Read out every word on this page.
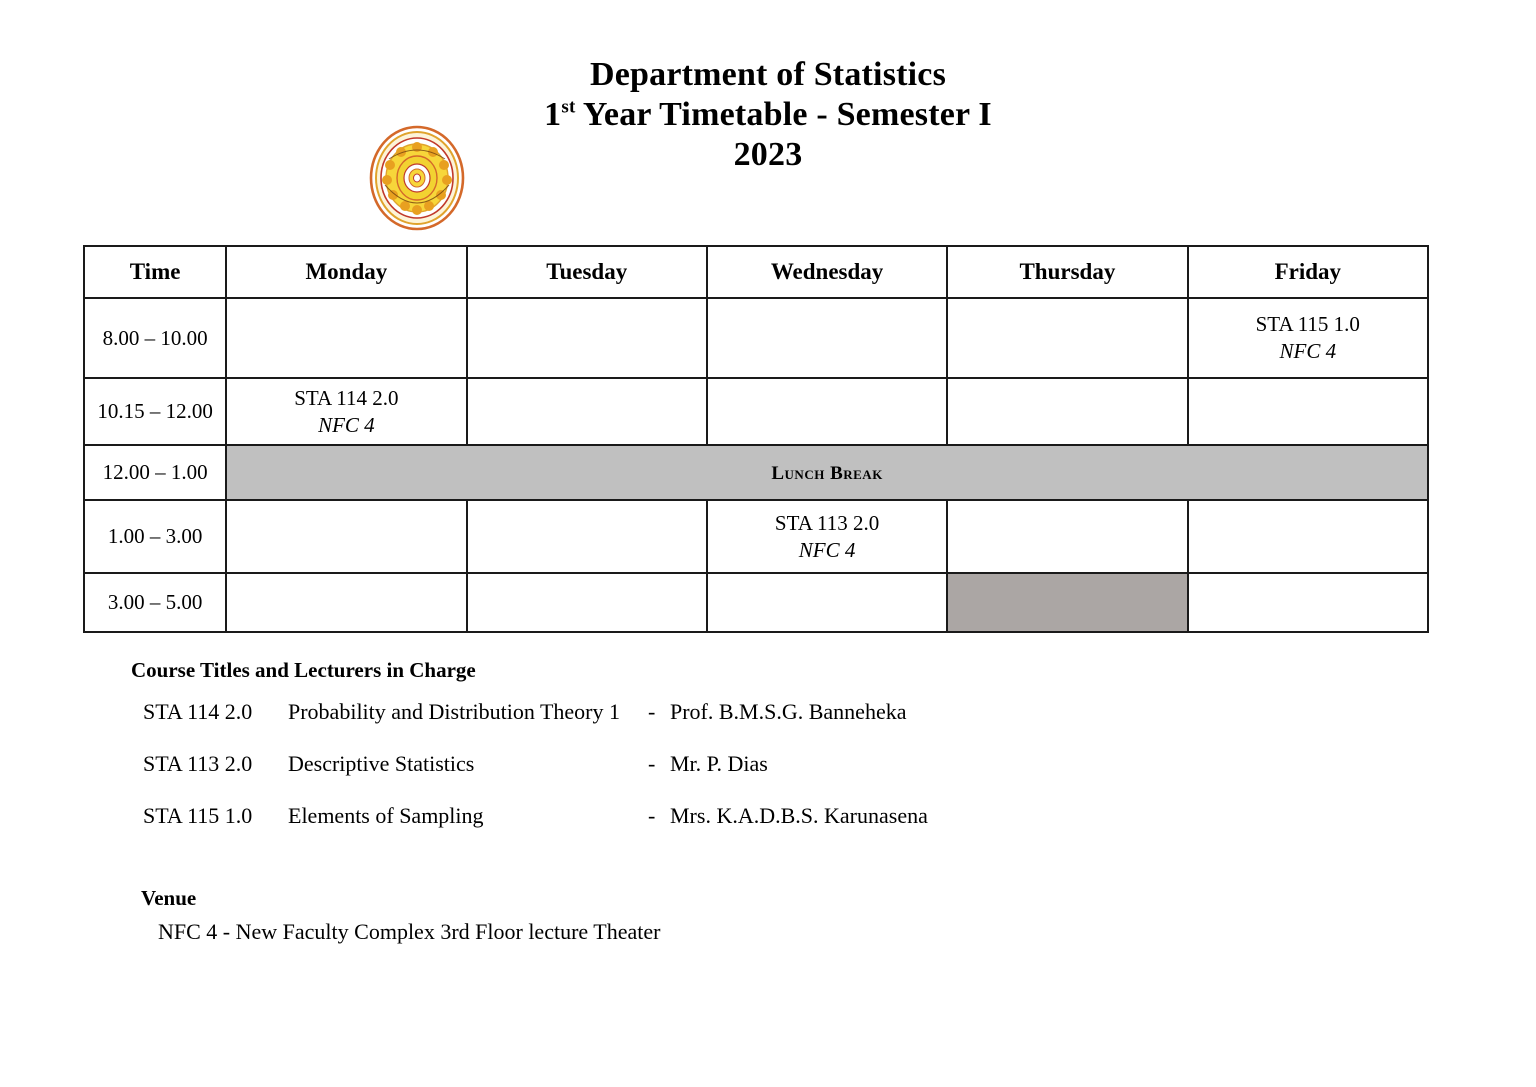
Department of Statistics
1st Year Timetable - Semester I
2023
Time	Monday	Tuesday	Wednesday	Thursday	Friday
8.00 – 10.00					STA 115 1.0
NFC 4

10.15 – 12.00	STA 114 2.0
NFC 4				

12.00 – 1.00	Lunch Break				
1.00 – 3.00			STA 113 2.0
NFC 4		

3.00 – 5.00					
Course Titles and Lecturers in Charge
STA 114 2.0	Probability and Distribution Theory 1	- Prof. B.M.S.G. Banneheka
STA 113 2.0	Descriptive Statistics	- Mr. P. Dias
STA 115 1.0	Elements of Sampling	- Mrs. K.A.D.B.S. Karunasena
Venue
NFC 4 - New Faculty Complex 3rd Floor lecture Theater
